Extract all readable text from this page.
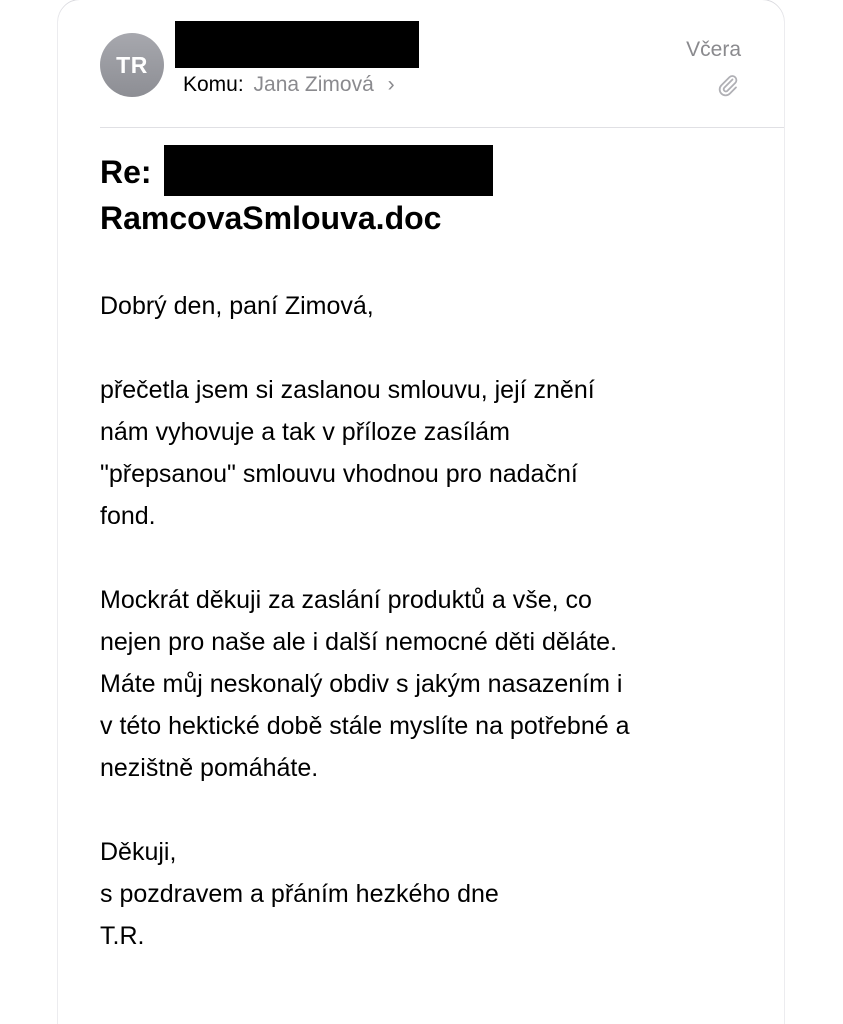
TR
Komu: Jana Zimová ›
Včera
Re:
RamcovaSmlouva.doc

Dobrý den, paní Zimová,

přečetla jsem si zaslanou smlouvu, její znění

nám vyhovuje a tak v příloze zasílám

"přepsanou" smlouvu vhodnou pro nadační

fond.

Mockrát děkuji za zaslání produktů a vše, co

nejen pro naše ale i další nemocné děti děláte.

Máte můj neskonalý obdiv s jakým nasazením i

v této hektické době stále myslíte na potřebné a

nezištně pomáháte.

Děkuji,

s pozdravem a přáním hezkého dne

T.R.
